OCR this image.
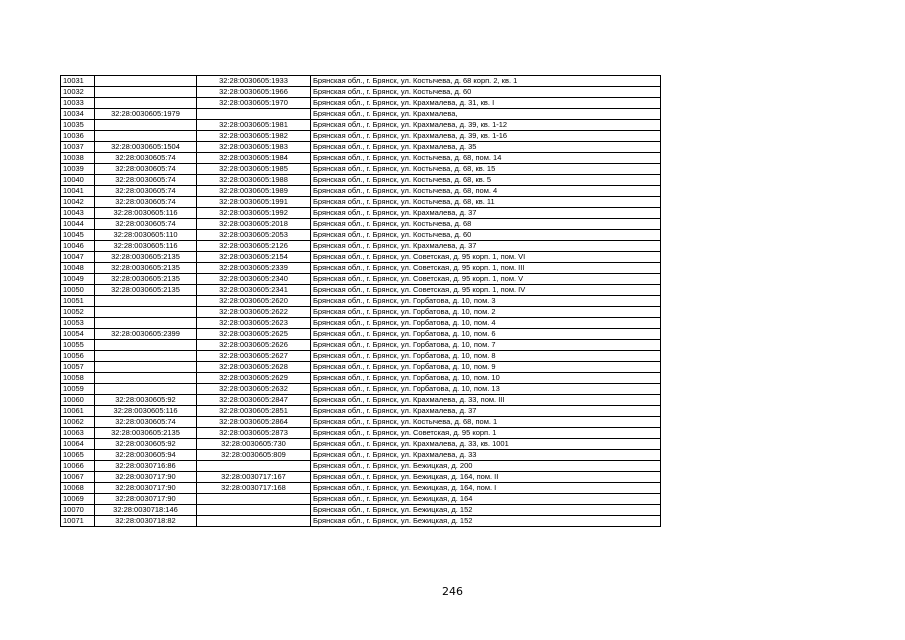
10031		32:28:0030605:1933	Брянская обл., г. Брянск, ул. Костычева, д. 68 корп. 2, кв. 1
10032		32:28:0030605:1966	Брянская обл., г. Брянск, ул. Костычева, д. 60
10033		32:28:0030605:1970	Брянская обл., г. Брянск, ул. Крахмалева, д. 31, кв. I
10034	32:28:0030605:1979		Брянская обл., г. Брянск, ул. Крахмалева,
10035		32:28:0030605:1981	Брянская обл., г. Брянск, ул. Крахмалева, д. 39, кв. 1-12
10036		32:28:0030605:1982	Брянская обл., г. Брянск, ул. Крахмалева, д. 39, кв. 1-16
10037	32:28:0030605:1504	32:28:0030605:1983	Брянская обл., г. Брянск, ул. Крахмалева, д. 35
10038	32:28:0030605:74	32:28:0030605:1984	Брянская обл., г. Брянск, ул. Костычева, д. 68, пом. 14
10039	32:28:0030605:74	32:28:0030605:1985	Брянская обл., г. Брянск, ул. Костычева, д. 68, кв. 15
10040	32:28:0030605:74	32:28:0030605:1988	Брянская обл., г. Брянск, ул. Костычева, д. 68, кв. 5
10041	32:28:0030605:74	32:28:0030605:1989	Брянская обл., г. Брянск, ул. Костычева, д. 68, пом. 4
10042	32:28:0030605:74	32:28:0030605:1991	Брянская обл., г. Брянск, ул. Костычева, д. 68, кв. 11
10043	32:28:0030605:116	32:28:0030605:1992	Брянская обл., г. Брянск, ул. Крахмалева, д. 37
10044	32:28:0030605:74	32:28:0030605:2018	Брянская обл., г. Брянск, ул. Костычева, д. 68
10045	32:28:0030605:110	32:28:0030605:2053	Брянская обл., г. Брянск, ул. Костычева, д. 60
10046	32:28:0030605:116	32:28:0030605:2126	Брянская обл., г. Брянск, ул. Крахмалева, д. 37
10047	32:28:0030605:2135	32:28:0030605:2154	Брянская обл., г. Брянск, ул. Советская, д. 95 корп. 1, пом. VI
10048	32:28:0030605:2135	32:28:0030605:2339	Брянская обл., г. Брянск, ул. Советская, д. 95 корп. 1, пом. III
10049	32:28:0030605:2135	32:28:0030605:2340	Брянская обл., г. Брянск, ул. Советская, д. 95 корп. 1, пом. V
10050	32:28:0030605:2135	32:28:0030605:2341	Брянская обл., г. Брянск, ул. Советская, д. 95 корп. 1, пом. IV
10051		32:28:0030605:2620	Брянская обл., г. Брянск, ул. Горбатова, д. 10, пом. 3
10052		32:28:0030605:2622	Брянская обл., г. Брянск, ул. Горбатова, д. 10, пом. 2
10053		32:28:0030605:2623	Брянская обл., г. Брянск, ул. Горбатова, д. 10, пом. 4
10054	32:28:0030605:2399	32:28:0030605:2625	Брянская обл., г. Брянск, ул. Горбатова, д. 10, пом. 6
10055		32:28:0030605:2626	Брянская обл., г. Брянск, ул. Горбатова, д. 10, пом. 7
10056		32:28:0030605:2627	Брянская обл., г. Брянск, ул. Горбатова, д. 10, пом. 8
10057		32:28:0030605:2628	Брянская обл., г. Брянск, ул. Горбатова, д. 10, пом. 9
10058		32:28:0030605:2629	Брянская обл., г. Брянск, ул. Горбатова, д. 10, пом. 10
10059		32:28:0030605:2632	Брянская обл., г. Брянск, ул. Горбатова, д. 10, пом. 13
10060	32:28:0030605:92	32:28:0030605:2847	Брянская обл., г. Брянск, ул. Крахмалева, д. 33, пом. III
10061	32:28:0030605:116	32:28:0030605:2851	Брянская обл., г. Брянск, ул. Крахмалева, д. 37
10062	32:28:0030605:74	32:28:0030605:2864	Брянская обл., г. Брянск, ул. Костычева, д. 68, пом. 1
10063	32:28:0030605:2135	32:28:0030605:2873	Брянская обл., г. Брянск, ул. Советская, д. 95 корп. 1
10064	32:28:0030605:92	32:28:0030605:730	Брянская обл., г. Брянск, ул. Крахмалева, д. 33, кв. 1001
10065	32:28:0030605:94	32:28:0030605:809	Брянская обл., г. Брянск, ул. Крахмалева, д. 33
10066	32:28:0030716:86		Брянская обл., г. Брянск, ул. Бежицкая, д. 200
10067	32:28:0030717:90	32:28:0030717:167	Брянская обл., г. Брянск, ул. Бежицкая, д. 164, пом. II
10068	32:28:0030717:90	32:28:0030717:168	Брянская обл., г. Брянск, ул. Бежицкая, д. 164, пом. I
10069	32:28:0030717:90		Брянская обл., г. Брянск, ул. Бежицкая, д. 164
10070	32:28:0030718:146		Брянская обл., г. Брянск, ул. Бежицкая, д. 152
10071	32:28:0030718:82		Брянская обл., г. Брянск, ул. Бежицкая, д. 152
246
